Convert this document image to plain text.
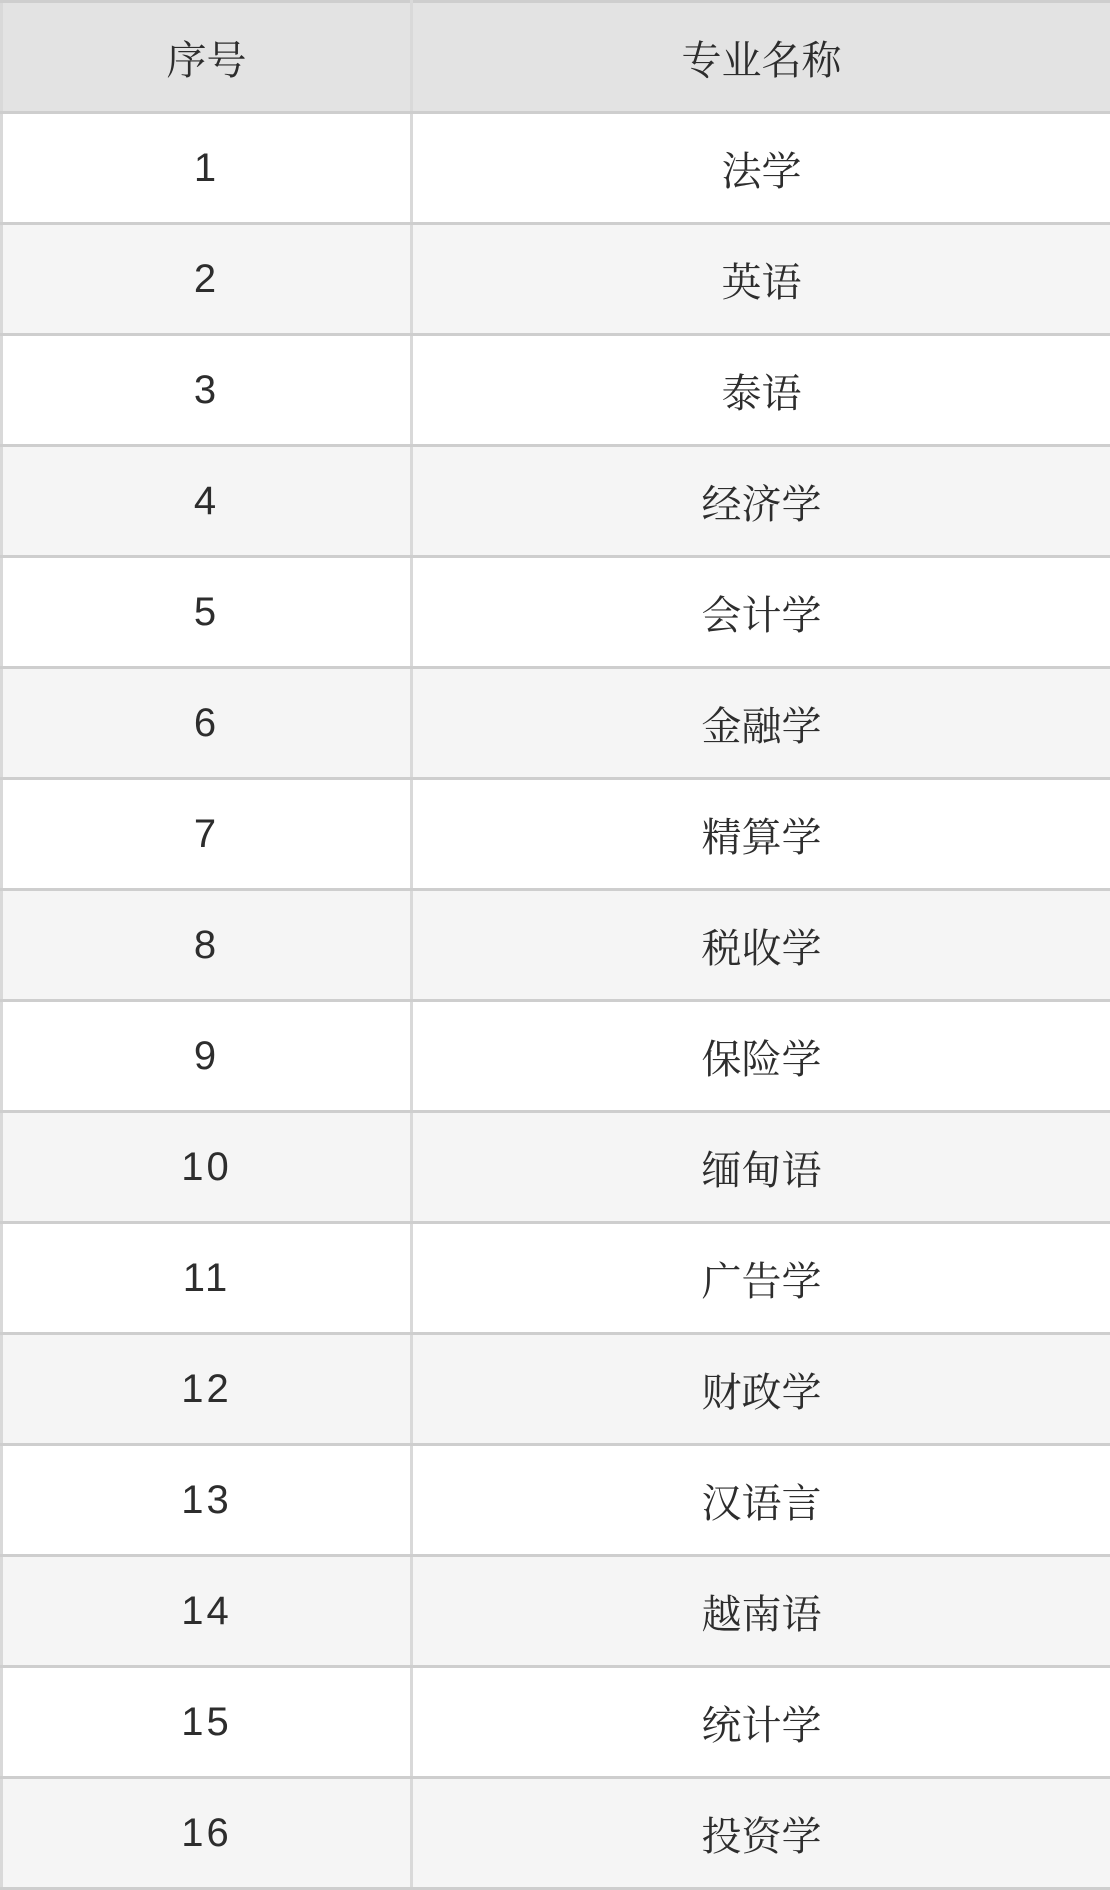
序号	专业名称
1	法学
2	英语
3	泰语
4	经济学
5	会计学
6	金融学
7	精算学
8	税收学
9	保险学
10	缅甸语
11	广告学
12	财政学
13	汉语言
14	越南语
15	统计学
16	投资学
